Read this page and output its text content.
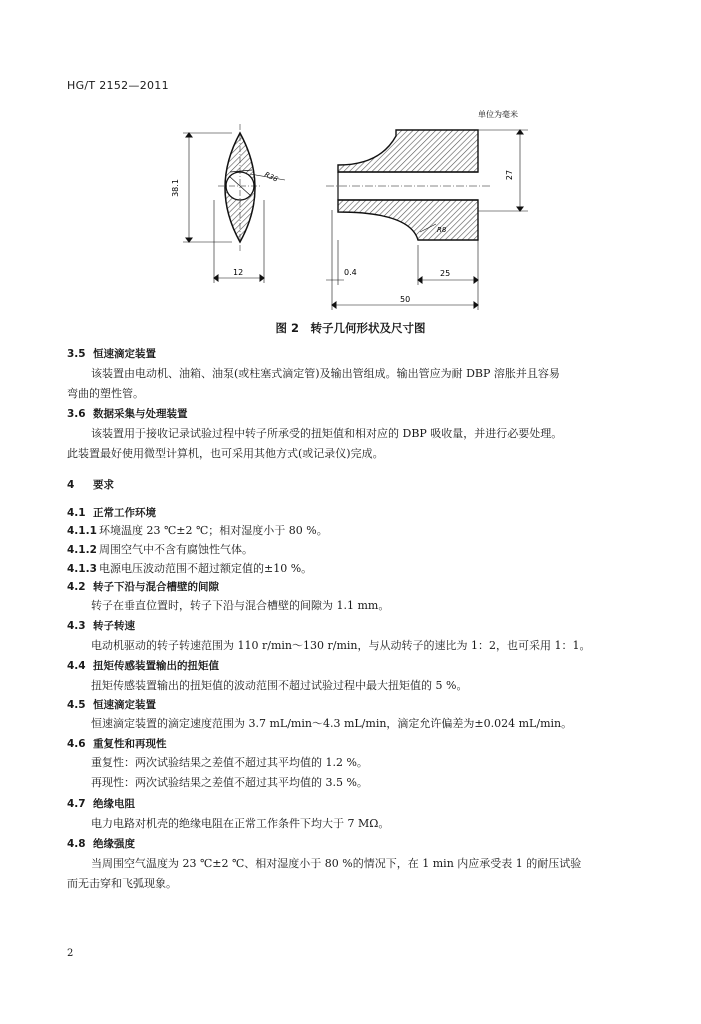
HG/T 2152—2011
单位为毫米
38.1
R36
12
27
R8
0.4	25
50
图 2　转子几何形状及尺寸图
3.5 恒速滴定装置
该装置由电动机、油箱、油泵(或柱塞式滴定管)及输出管组成。输出管应为耐 DBP 溶胀并且容易
弯曲的塑性管。
3.6 数据采集与处理装置
该装置用于接收记录试验过程中转子所承受的扭矩值和相对应的 DBP 吸收量，并进行必要处理。
此装置最好使用微型计算机，也可采用其他方式(或记录仪)完成。
4 要求
4.1 正常工作环境
4.1.1 环境温度 23 ℃±2 ℃；相对湿度小于 80 %。
4.1.2 周围空气中不含有腐蚀性气体。
4.1.3 电源电压波动范围不超过额定值的±10 %。
4.2 转子下沿与混合槽壁的间隙
转子在垂直位置时，转子下沿与混合槽壁的间隙为 1.1 mm。
4.3 转子转速
电动机驱动的转子转速范围为 110 r/min～130 r/min，与从动转子的速比为 1：2，也可采用 1：1。
4.4 扭矩传感装置输出的扭矩值
扭矩传感装置输出的扭矩值的波动范围不超过试验过程中最大扭矩值的 5 %。
4.5 恒速滴定装置
恒速滴定装置的滴定速度范围为 3.7 mL/min～4.3 mL/min，滴定允许偏差为±0.024 mL/min。
4.6 重复性和再现性
重复性：两次试验结果之差值不超过其平均值的 1.2 %。
再现性：两次试验结果之差值不超过其平均值的 3.5 %。
4.7 绝缘电阻
电力电路对机壳的绝缘电阻在正常工作条件下均大于 7 MΩ。
4.8 绝缘强度
当周围空气温度为 23 ℃±2 ℃、相对湿度小于 80 %的情况下，在 1 min 内应承受表 1 的耐压试验
而无击穿和飞弧现象。
2
